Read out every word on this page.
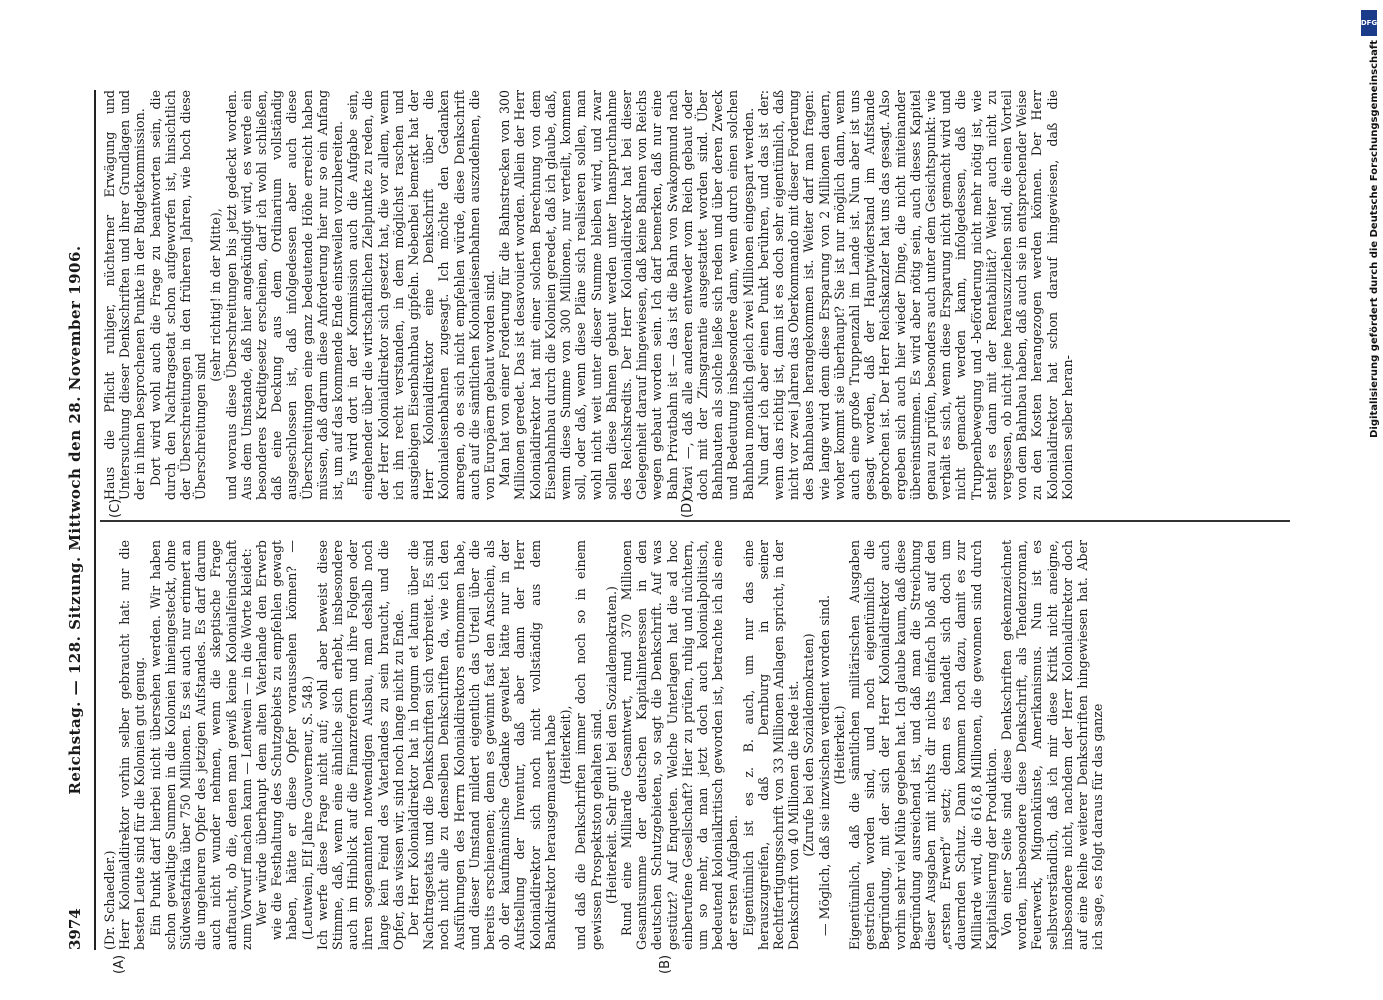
3974
Reichstag. — 128. Sitzung. Mittwoch den 28. November 1906.
(A)	(B)
(C)	(D)

(Dr. Schaedler.) Herr Kolonialdirektor vorhin selber gebraucht hat: nur die besten Leute sind für die Kolonien gut genug. Ein Punkt darf hierbei nicht übersehen werden. Wir haben schon gewaltige Summen in die Kolonien hineingesteckt, ohne Südwestafrika über 750 Millionen. Es sei auch nur erinnert an die ungeheuren Opfer des jetzigen Aufstandes. Es darf darum auch nicht wunder nehmen, wenn die skeptische Frage auftaucht, ob die, denen man gewiß keine Kolonialfeindschaft zum Vorwurf machen kann — Lentwein — in die Worte kleidet: Wer würde überhaupt dem alten Vaterlande den Erwerb wie die Festhaltung des Schutzgebiets zu empfehlen gewagt haben, hätte er diese Opfer voraussehen können? — (Leutwein, Elf Jahre Gouverneur, S. 548.) Ich werfe diese Frage nicht auf; wohl aber beweist diese Stimme, daß, wenn eine ähnliche sich erhebt, insbesondere auch im Hinblick auf die Finanzreform und ihre Folgen oder ihren sogenannten notwendigen Ausbau, man deshalb noch lange kein Feind des Vaterlandes zu sein braucht, und die Opfer, das wissen wir, sind noch lange nicht zu Ende. Der Herr Kolonialdirektor hat in longum et latum über die Nachtragsetats und die Denkschriften sich verbreitet. Es sind noch nicht alle zu denselben Denkschriften da, wie ich den Ausführungen des Herrn Kolonialdirektors entnommen habe, und dieser Umstand mildert eigentlich das Urteil über die bereits erschienenen; denn es gewinnt fast den Anschein, als ob der kaufmännische Gedanke gewaltet hätte nur in der Aufstellung der Inventur, daß aber dann der Herr Kolonialdirektor sich noch nicht vollständig aus dem Bankdirektor herausgemausert habe (Heiterkeit), und daß die Denkschriften immer doch noch so in einem gewissen Prospektston gehalten sind. (Heiterkeit. Sehr gut! bei den Sozialdemokraten.) Rund eine Milliarde Gesamtwert, rund 370 Millionen Gesamtsumme der deutschen Kapitalinteressen in den deutschen Schutzgebieten, so sagt die Denkschrift. Auf was gestützt? Auf Enqueten. Welche Unterlagen hat die ad hoc einberufene Gesellschaft? Hier zu prüfen, ruhig und nüchtern, um so mehr, da man jetzt doch auch kolonialpolitisch, bedeutend kolonialkritisch geworden ist, betrachte ich als eine der ersten Aufgaben. Eigentümlich ist es z. B. auch, um nur das eine herauszugreifen, daß Dernburg in seiner Rechtfertigungsschrift von 33 Millionen Anlagen spricht, in der Denkschrift von 40 Millionen die Rede ist. (Zurufe bei den Sozialdemokraten) — Möglich, daß sie inzwischen verdient worden sind. (Heiterkeit.) Eigentümlich, daß die sämtlichen militärischen Ausgaben gestrichen worden sind, und noch eigentümlich die Begründung, mit der sich der Herr Kolonialdirektor auch vorhin sehr viel Mühe gegeben hat. Ich glaube kaum, daß diese Begründung ausreichend ist, und daß man die Streichung dieser Ausgaben mit nichts dir nichts einfach bloß auf den „ersten Erwerb“ setzt; denn es handelt sich doch um dauernden Schutz. Dann kommen noch dazu, damit es zur Milliarde wird, die 616,8 Millionen, die gewonnen sind durch Kapitalisierung der Produktion. Von einer Seite sind diese Denkschriften gekennzeichnet worden, insbesondere diese Denkschrift, als Tendenzroman, Feuerwerk, Mignonkünste, Amerikanismus. Nun ist es selbstverständlich, daß ich mir diese Kritik nicht aneigne, insbesondere nicht, nachdem der Herr Kolonialdirektor doch auf eine Reihe weiterer Denkschriften hingewiesen hat. Aber ich sage, es folgt daraus für das ganze

Haus die Pflicht ruhiger, nüchterner Erwägung und Untersuchung dieser Denkschriften und ihrer Grundlagen und der in ihnen besprochenen Punkte in der Budgetkommission. Dort wird wohl auch die Frage zu beantworten sein, die durch den Nachtragsetat schon aufgeworfen ist, hinsichtlich der Überschreitungen in den früheren Jahren, wie hoch diese Überschreitungen sind

(sehr richtig! in der Mitte), und woraus diese Überschreitungen bis jetzt gedeckt worden. Aus dem Umstande, daß hier angekündigt wird, es werde ein besonderes Kreditgesetz erscheinen, darf ich wohl schließen, daß eine Deckung aus dem Ordinarium vollständig ausgeschlossen ist, daß infolgedessen aber auch diese Überschreitungen eine ganz bedeutende Höhe erreicht haben müssen, daß darum diese Anforderung hier nur so ein Anfang ist, um auf das kommende Ende einstweilen vorzubereiten. Es wird dort in der Kommission auch die Aufgabe sein, eingehender über die wirtschaftlichen Zielpunkte zu reden, die der Herr Kolonialdirektor sich gesetzt hat, die vor allem, wenn ich ihn recht verstanden, in dem möglichst raschen und ausgiebigen Eisenbahnbau gipfeln. Nebenbei bemerkt hat der Herr Kolonialdirektor eine Denkschrift über die Kolonialeisenbahnen zugesagt. Ich möchte den Gedanken anregen, ob es sich nicht empfehlen würde, diese Denkschrift auch auf die sämtlichen Kolonialeisenbahnen auszudehnen, die von Europäern gebaut worden sind. Man hat von einer Forderung für die Bahnstrecken von 300 Millionen geredet. Das ist desavouiert worden. Allein der Herr Kolonialdirektor hat mit einer solchen Berechnung von dem Eisenbahnbau durch die Kolonien geredet, daß ich glaube, daß, wenn diese Summe von 300 Millionen, nur verteilt, kommen soll, oder daß, wenn diese Pläne sich realisieren sollen, man wohl nicht weit unter dieser Summe bleiben wird, und zwar sollen diese Bahnen gebaut werden unter Inanspruchnahme des Reichskredits. Der Herr Kolonialdirektor hat bei dieser Gelegenheit darauf hingewiesen, daß keine Bahnen von Reichs wegen gebaut worden sein. Ich darf bemerken, daß nur eine Bahn Privatbahn ist — das ist die Bahn von Swakopmund nach Otavi —, daß alle anderen entweder vom Reich gebaut oder doch mit der Zinsgarantie ausgestattet worden sind. Über Bahnbauten als solche ließe sich reden und über deren Zweck und Bedeutung insbesondere dann, wenn durch einen solchen Bahnbau monatlich gleich zwei Millionen eingespart werden. Nun darf ich aber einen Punkt berühren, und das ist der: wenn das richtig ist, dann ist es doch sehr eigentümlich, daß nicht vor zwei Jahren das Oberkommando mit dieser Forderung des Bahnbaues herangekommen ist. Weiter darf man fragen: wie lange wird denn diese Ersparung von 2 Millionen dauern, woher kommt sie überhaupt? Sie ist nur möglich dann, wenn auch eine große Truppenzahl im Lande ist. Nun aber ist uns gesagt worden, daß der Hauptwiderstand im Aufstande gebrochen ist. Der Herr Reichskanzler hat uns das gesagt. Also ergeben sich auch hier wieder Dinge, die nicht miteinander übereinstimmen. Es wird aber nötig sein, auch dieses Kapitel genau zu prüfen, besonders auch unter dem Gesichtspunkt: wie verhält es sich, wenn diese Ersparung nicht gemacht wird und nicht gemacht werden kann, infolgedessen, daß die Truppenbewegung und -beförderung nicht mehr nötig ist, wie steht es dann mit der Rentabilität? Weiter auch nicht zu vergessen, ob nicht jene herauszuziehen sind, die einen Vorteil von dem Bahnbau haben, daß auch sie in entsprechender Weise zu den Kosten herangezogen werden können. Der Herr Kolonialdirektor hat schon darauf hingewiesen, daß die Kolonien selber heran-

DFG
Digitalisierung gefördert durch die Deutsche Forschungsgemeinschaft
